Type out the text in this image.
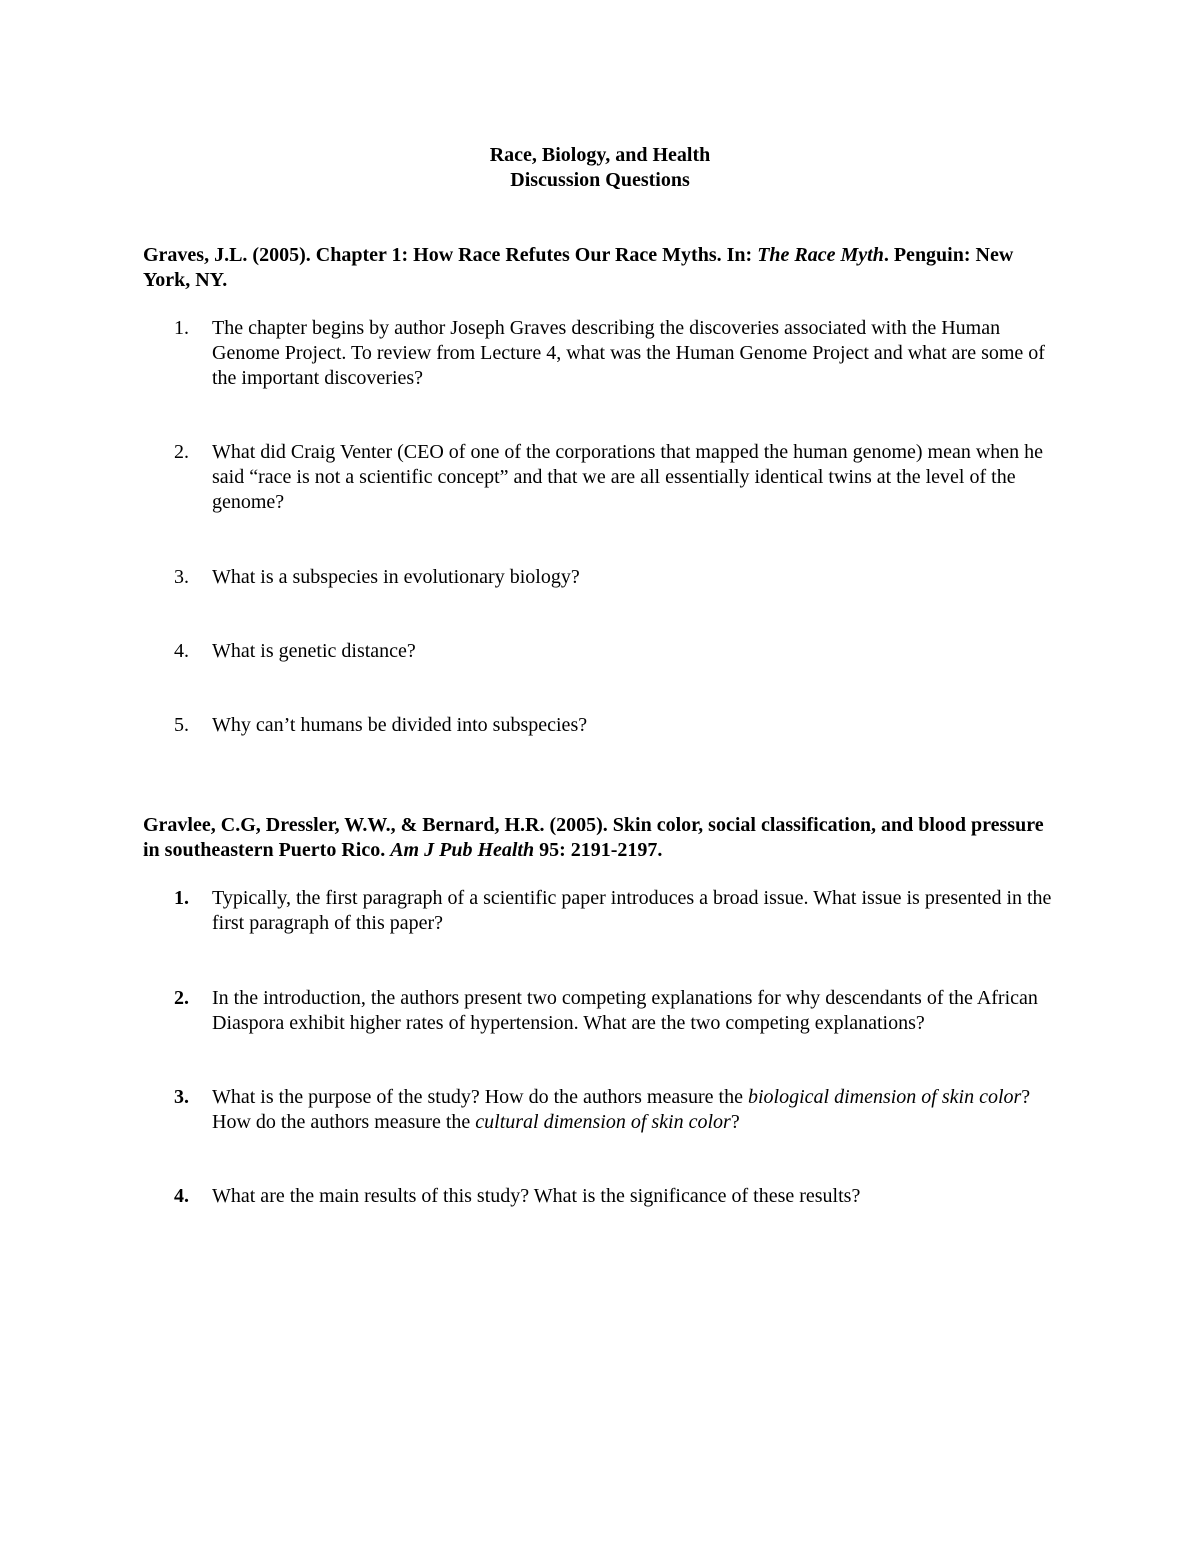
Race, Biology, and Health
Discussion Questions
Graves, J.L. (2005). Chapter 1: How Race Refutes Our Race Myths. In: The Race Myth. Penguin: New York, NY.
1.	The chapter begins by author Joseph Graves describing the discoveries associated with the Human Genome Project. To review from Lecture 4, what was the Human Genome Project and what are some of the important discoveries?
2.	What did Craig Venter (CEO of one of the corporations that mapped the human genome) mean when he said “race is not a scientific concept” and that we are all essentially identical twins at the level of the genome?
3.	What is a subspecies in evolutionary biology?
4.	What is genetic distance?
5.	Why can’t humans be divided into subspecies?
Gravlee, C.G, Dressler, W.W., & Bernard, H.R. (2005). Skin color, social classification, and blood pressure in southeastern Puerto Rico. Am J Pub Health 95: 2191-2197.
1.	Typically, the first paragraph of a scientific paper introduces a broad issue. What issue is presented in the first paragraph of this paper?
2.	In the introduction, the authors present two competing explanations for why descendants of the African Diaspora exhibit higher rates of hypertension. What are the two competing explanations?
3.	What is the purpose of the study? How do the authors measure the biological dimension of skin color? How do the authors measure the cultural dimension of skin color?
4.	What are the main results of this study? What is the significance of these results?
